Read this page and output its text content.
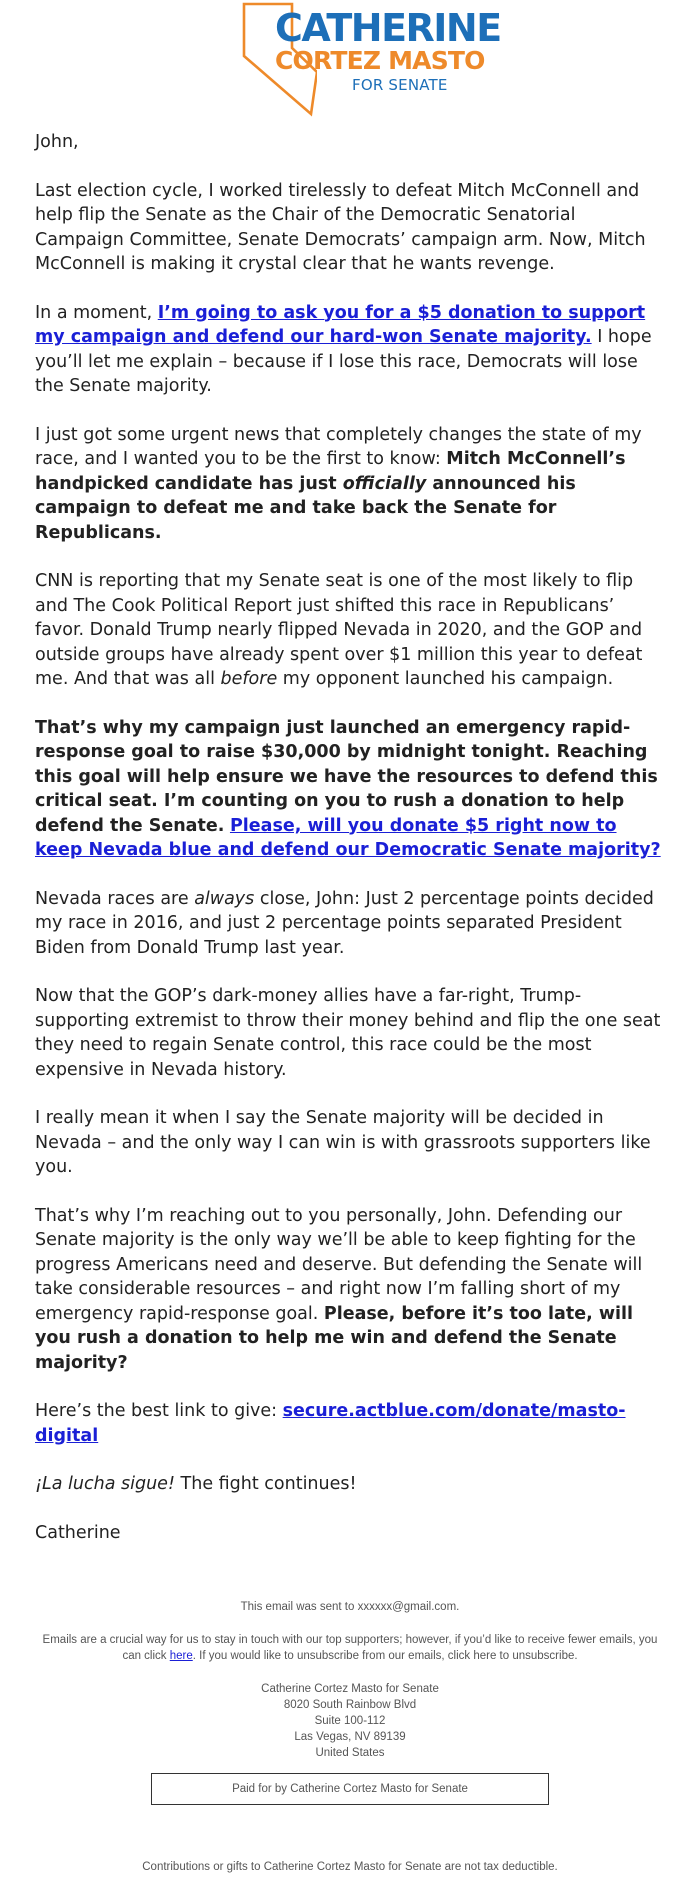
CATHERINE
CORTEZ MASTO
FOR SENATE

John,

Last election cycle, I worked tirelessly to defeat Mitch McConnell and help flip the Senate as the Chair of the Democratic Senatorial Campaign Committee, Senate Democrats’ campaign arm. Now, Mitch McConnell is making it crystal clear that he wants revenge.

In a moment, I’m going to ask you for a $5 donation to support my campaign and defend our hard-won Senate majority. I hope you’ll let me explain – because if I lose this race, Democrats will lose the Senate majority.

I just got some urgent news that completely changes the state of my race, and I wanted you to be the first to know: Mitch McConnell’s handpicked candidate has just officially announced his campaign to defeat me and take back the Senate for Republicans.

CNN is reporting that my Senate seat is one of the most likely to flip and The Cook Political Report just shifted this race in Republicans’ favor. Donald Trump nearly flipped Nevada in 2020, and the GOP and outside groups have already spent over $1 million this year to defeat me. And that was all before my opponent launched his campaign.

That’s why my campaign just launched an emergency rapid-response goal to raise $30,000 by midnight tonight. Reaching this goal will help ensure we have the resources to defend this critical seat. I’m counting on you to rush a donation to help defend the Senate. Please, will you donate $5 right now to keep Nevada blue and defend our Democratic Senate majority?

Nevada races are always close, John: Just 2 percentage points decided my race in 2016, and just 2 percentage points separated President Biden from Donald Trump last year.

Now that the GOP’s dark-money allies have a far-right, Trump-supporting extremist to throw their money behind and flip the one seat they need to regain Senate control, this race could be the most expensive in Nevada history.

I really mean it when I say the Senate majority will be decided in Nevada – and the only way I can win is with grassroots supporters like you.

That’s why I’m reaching out to you personally, John. Defending our Senate majority is the only way we’ll be able to keep fighting for the progress Americans need and deserve. But defending the Senate will take considerable resources – and right now I’m falling short of my emergency rapid-response goal. Please, before it’s too late, will you rush a donation to help me win and defend the Senate majority?

Here’s the best link to give: secure.actblue.com/donate/masto-digital

¡La lucha sigue! The fight continues!

Catherine

This email was sent to xxxxxx@gmail.com.

Emails are a crucial way for us to stay in touch with our top supporters; however, if you’d like to receive fewer emails, you can click here. If you would like to unsubscribe from our emails, click here to unsubscribe.

Catherine Cortez Masto for Senate

8020 South Rainbow Blvd

Suite 100-112

Las Vegas, NV 89139

United States

Paid for by Catherine Cortez Masto for Senate

Contributions or gifts to Catherine Cortez Masto for Senate are not tax deductible.
